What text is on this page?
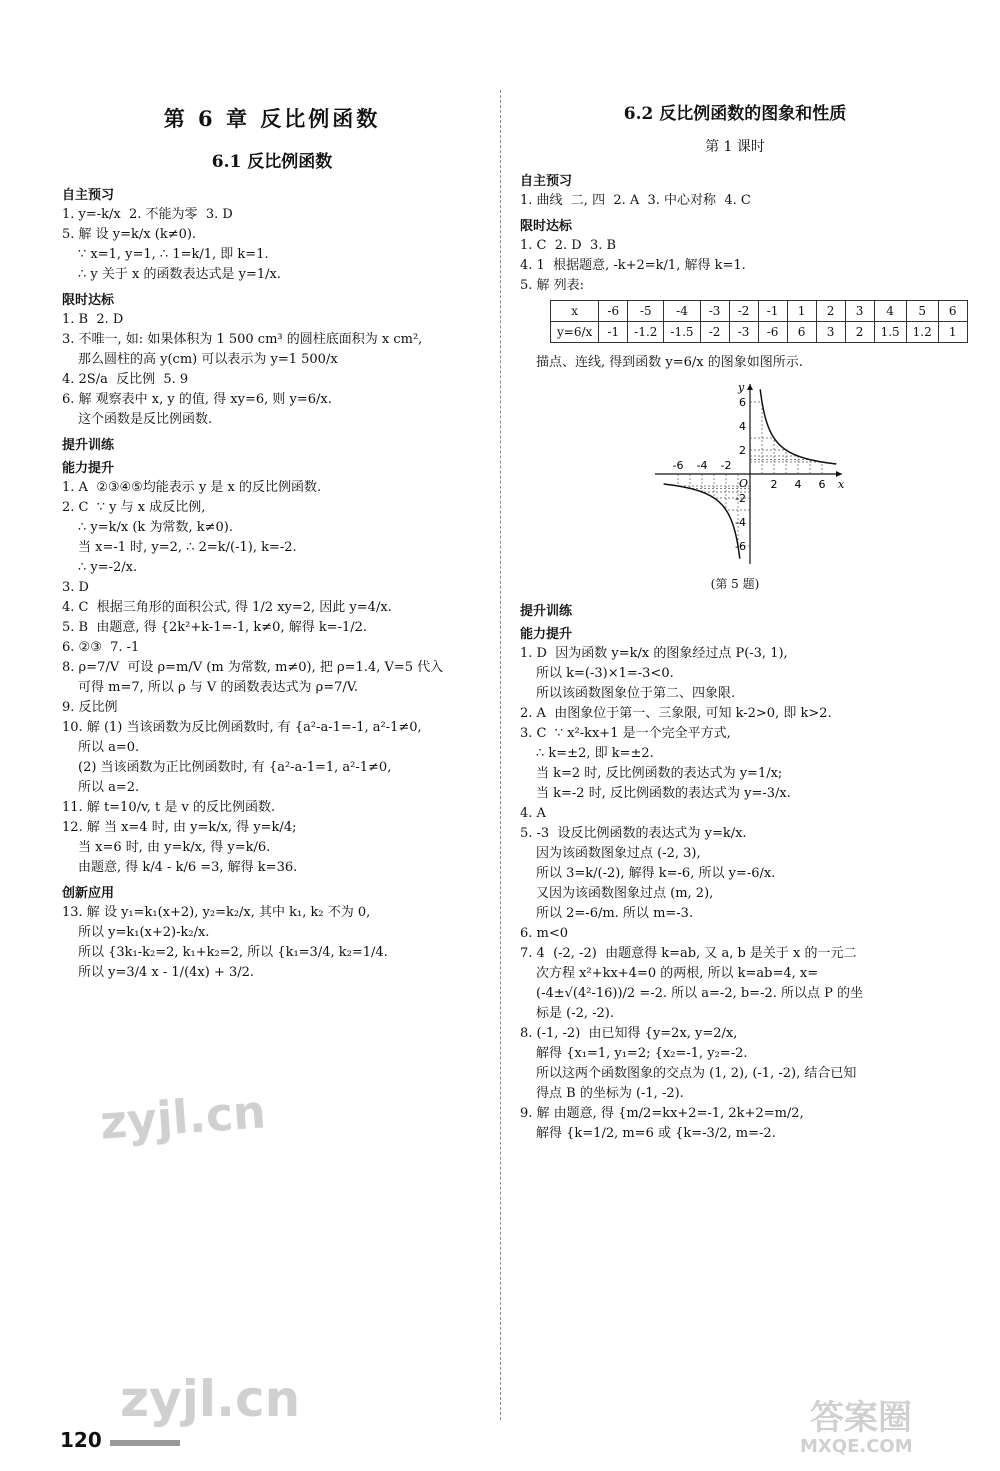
第 6 章 反比例函数
6.1 反比例函数
自主预习

1. y=-k/x  2. 不能为零  3. D

5. 解 设 y=k/x (k≠0).

∵ x=1, y=1, ∴ 1=k/1, 即 k=1.

∴ y 关于 x 的函数表达式是 y=1/x.

限时达标

1. B  2. D

3. 不唯一, 如: 如果体积为 1 500 cm³ 的圆柱底面积为 x cm²,

那么圆柱的高 y(cm) 可以表示为 y=1 500/x

4. 2S/a  反比例  5. 9

6. 解 观察表中 x, y 的值, 得 xy=6, 则 y=6/x.

这个函数是反比例函数.

提升训练
能力提升

1. A  ②③④⑤均能表示 y 是 x 的反比例函数.

2. C  ∵ y 与 x 成反比例,

∴ y=k/x (k 为常数, k≠0).

当 x=-1 时, y=2, ∴ 2=k/(-1), k=-2.

∴ y=-2/x.

3. D

4. C  根据三角形的面积公式, 得 1/2 xy=2, 因此 y=4/x.

5. B  由题意, 得 {2k²+k-1=-1, k≠0, 解得 k=-1/2.

6. ②③  7. -1

8. ρ=7/V  可设 ρ=m/V (m 为常数, m≠0), 把 ρ=1.4, V=5 代入

可得 m=7, 所以 ρ 与 V 的函数表达式为 ρ=7/V.

9. 反比例

10. 解 (1) 当该函数为反比例函数时, 有 {a²-a-1=-1, a²-1≠0,

所以 a=0.

(2) 当该函数为正比例函数时, 有 {a²-a-1=1, a²-1≠0,

所以 a=2.

11. 解 t=10/v, t 是 v 的反比例函数.

12. 解 当 x=4 时, 由 y=k/x, 得 y=k/4;

当 x=6 时, 由 y=k/x, 得 y=k/6.

由题意, 得 k/4 - k/6 =3, 解得 k=36.

创新应用

13. 解 设 y₁=k₁(x+2), y₂=k₂/x, 其中 k₁, k₂ 不为 0,

所以 y=k₁(x+2)-k₂/x.

所以 {3k₁-k₂=2, k₁+k₂=2, 所以 {k₁=3/4, k₂=1/4.

所以 y=3/4 x - 1/(4x) + 3/2.

6.2 反比例函数的图象和性质
第 1 课时
自主预习

1. 曲线  二, 四  2. A  3. 中心对称  4. C

限时达标

1. C  2. D  3. B

4. 1  根据题意, -k+2=k/1, 解得 k=1.

5. 解 列表:

x	-6	-5	-4	-3	-2	-1	1	2	3	4	5	6
y=6/x	-1	-1.2	-1.5	-2	-3	-6	6	3	2	1.5	1.2	1

描点、连线, 得到函数 y=6/x 的图象如图所示.

-6 -4 -2
2 4 6
6
4
2
-2
-4
-6
x
y
O
(第 5 题)
提升训练
能力提升

1. D  因为函数 y=k/x 的图象经过点 P(-3, 1),

所以 k=(-3)×1=-3<0.

所以该函数图象位于第二、四象限.

2. A  由图象位于第一、三象限, 可知 k-2>0, 即 k>2.

3. C  ∵ x²-kx+1 是一个完全平方式,

∴ k=±2, 即 k=±2.

当 k=2 时, 反比例函数的表达式为 y=1/x;

当 k=-2 时, 反比例函数的表达式为 y=-3/x.

4. A

5. -3  设反比例函数的表达式为 y=k/x.

因为该函数图象过点 (-2, 3),

所以 3=k/(-2), 解得 k=-6, 所以 y=-6/x.

又因为该函数图象过点 (m, 2),

所以 2=-6/m. 所以 m=-3.

6. m<0

7. 4  (-2, -2)  由题意得 k=ab, 又 a, b 是关于 x 的一元二

次方程 x²+kx+4=0 的两根, 所以 k=ab=4, x=

(-4±√(4²-16))/2 =-2. 所以 a=-2, b=-2. 所以点 P 的坐

标是 (-2, -2).

8. (-1, -2)  由已知得 {y=2x, y=2/x,

解得 {x₁=1, y₁=2; {x₂=-1, y₂=-2.

所以这两个函数图象的交点为 (1, 2), (-1, -2), 结合已知

得点 B 的坐标为 (-1, -2).

9. 解 由题意, 得 {m/2=kx+2=-1, 2k+2=m/2,

解得 {k=1/2, m=6 或 {k=-3/2, m=-2.

120
zyjl.cn
zyjl.cn	答案圈
MXQE.COM
